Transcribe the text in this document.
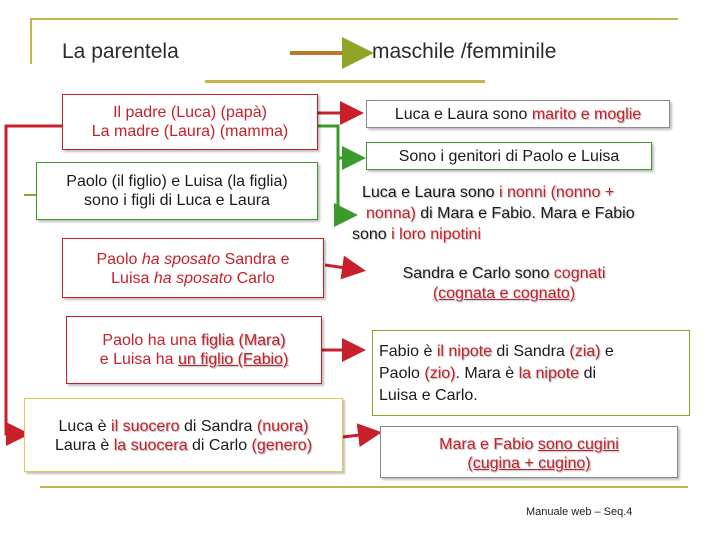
La parentela	maschile /femminile
Il padre (Luca) (papà)
La madre (Laura) (mamma)
Paolo (il figlio) e Luisa (la figlia)
sono i figli di Luca e Laura
Paolo ha sposato Sandra e
Luisa ha sposato Carlo
Paolo ha una figlia (Mara)
e Luisa ha un figlio (Fabio)
Luca è il suocero di Sandra (nuora)
Laura è la suocera di Carlo (genero)
Luca e Laura sono marito e moglie
Sono i genitori di Paolo e Luisa
Luca e Laura sono i nonni (nonno +
nonna) di Mara e Fabio. Mara e Fabio
sono i loro nipotini
Sandra e Carlo sono cognati
(cognata e cognato)
Fabio è il nipote di Sandra (zia) e
Paolo (zio). Mara è la nipote di
Luisa e Carlo.
Mara e Fabio sono cugini
(cugina + cugino)
Manuale web – Seq.4
